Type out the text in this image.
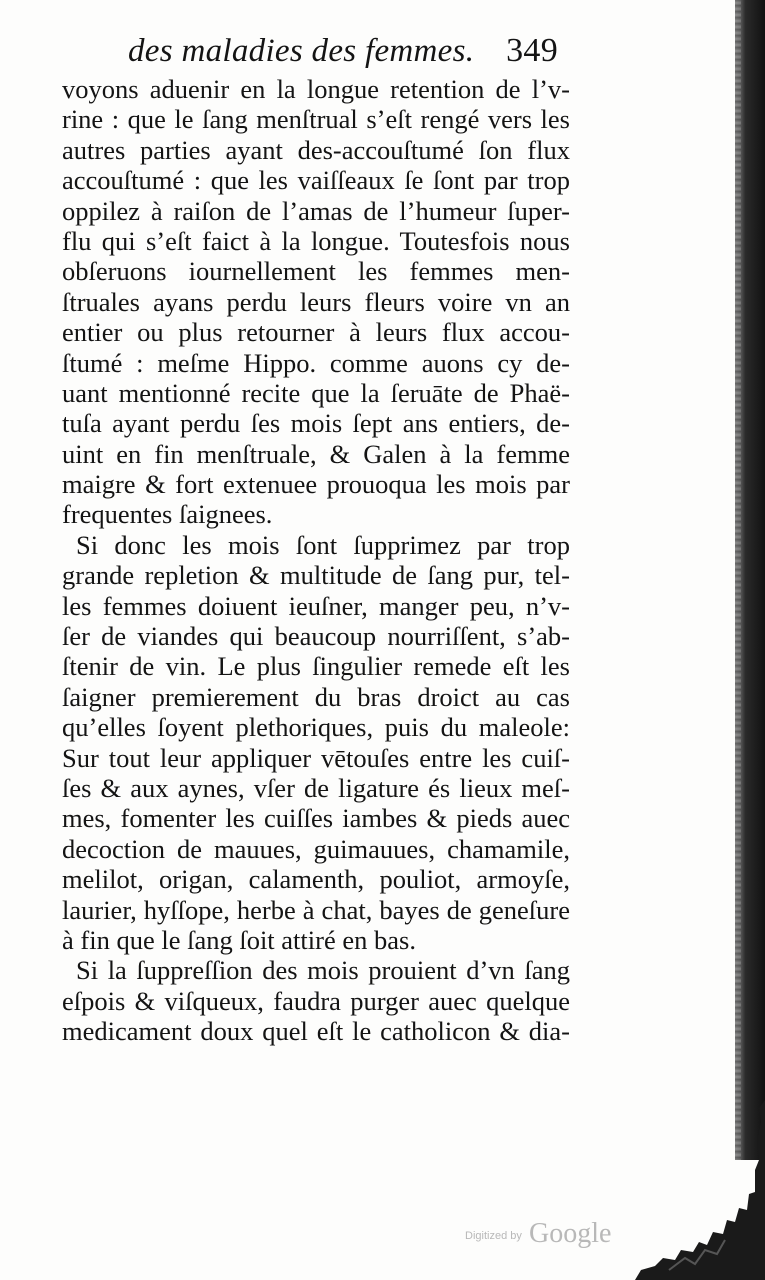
des maladies des femmes. 349
voyons aduenir en la longue retention de l’v-
rine : que le ſang menſtrual s’eſt rengé vers les
autres parties ayant des-accouſtumé ſon flux
accouſtumé : que les vaiſſeaux ſe ſont par trop
oppilez à raiſon de l’amas de l’humeur ſuper-
flu qui s’eſt faict à la longue. Toutesfois nous
obſeruons iournellement les femmes men-
ſtruales ayans perdu leurs fleurs voire vn an
entier ou plus retourner à leurs flux accou-
ſtumé : meſme Hippo. comme auons cy de-
uant mentionné recite que la ſeruāte de Phaë-
tuſa ayant perdu ſes mois ſept ans entiers, de-
uint en fin menſtruale, & Galen à la femme
maigre & fort extenuee prouoqua les mois par
frequentes ſaignees.
Si donc les mois ſont ſupprimez par trop
grande repletion & multitude de ſang pur, tel-
les femmes doiuent ieuſner, manger peu, n’v-
ſer de viandes qui beaucoup nourriſſent, s’ab-
ſtenir de vin. Le plus ſingulier remede eſt les
ſaigner premierement du bras droict au cas
qu’elles ſoyent plethoriques, puis du maleole:
Sur tout leur appliquer vētouſes entre les cuiſ-
ſes & aux aynes, vſer de ligature és lieux meſ-
mes, fomenter les cuiſſes iambes & pieds auec
decoction de mauues, guimauues, chamamile,
melilot, origan, calamenth, pouliot, armoyſe,
laurier, hyſſope, herbe à chat, bayes de geneſure
à fin que le ſang ſoit attiré en bas.
Si la ſuppreſſion des mois prouient d’vn ſang
eſpois & viſqueux, faudra purger auec quelque
medicament doux quel eſt le catholicon & dia-
Digitized by Google
